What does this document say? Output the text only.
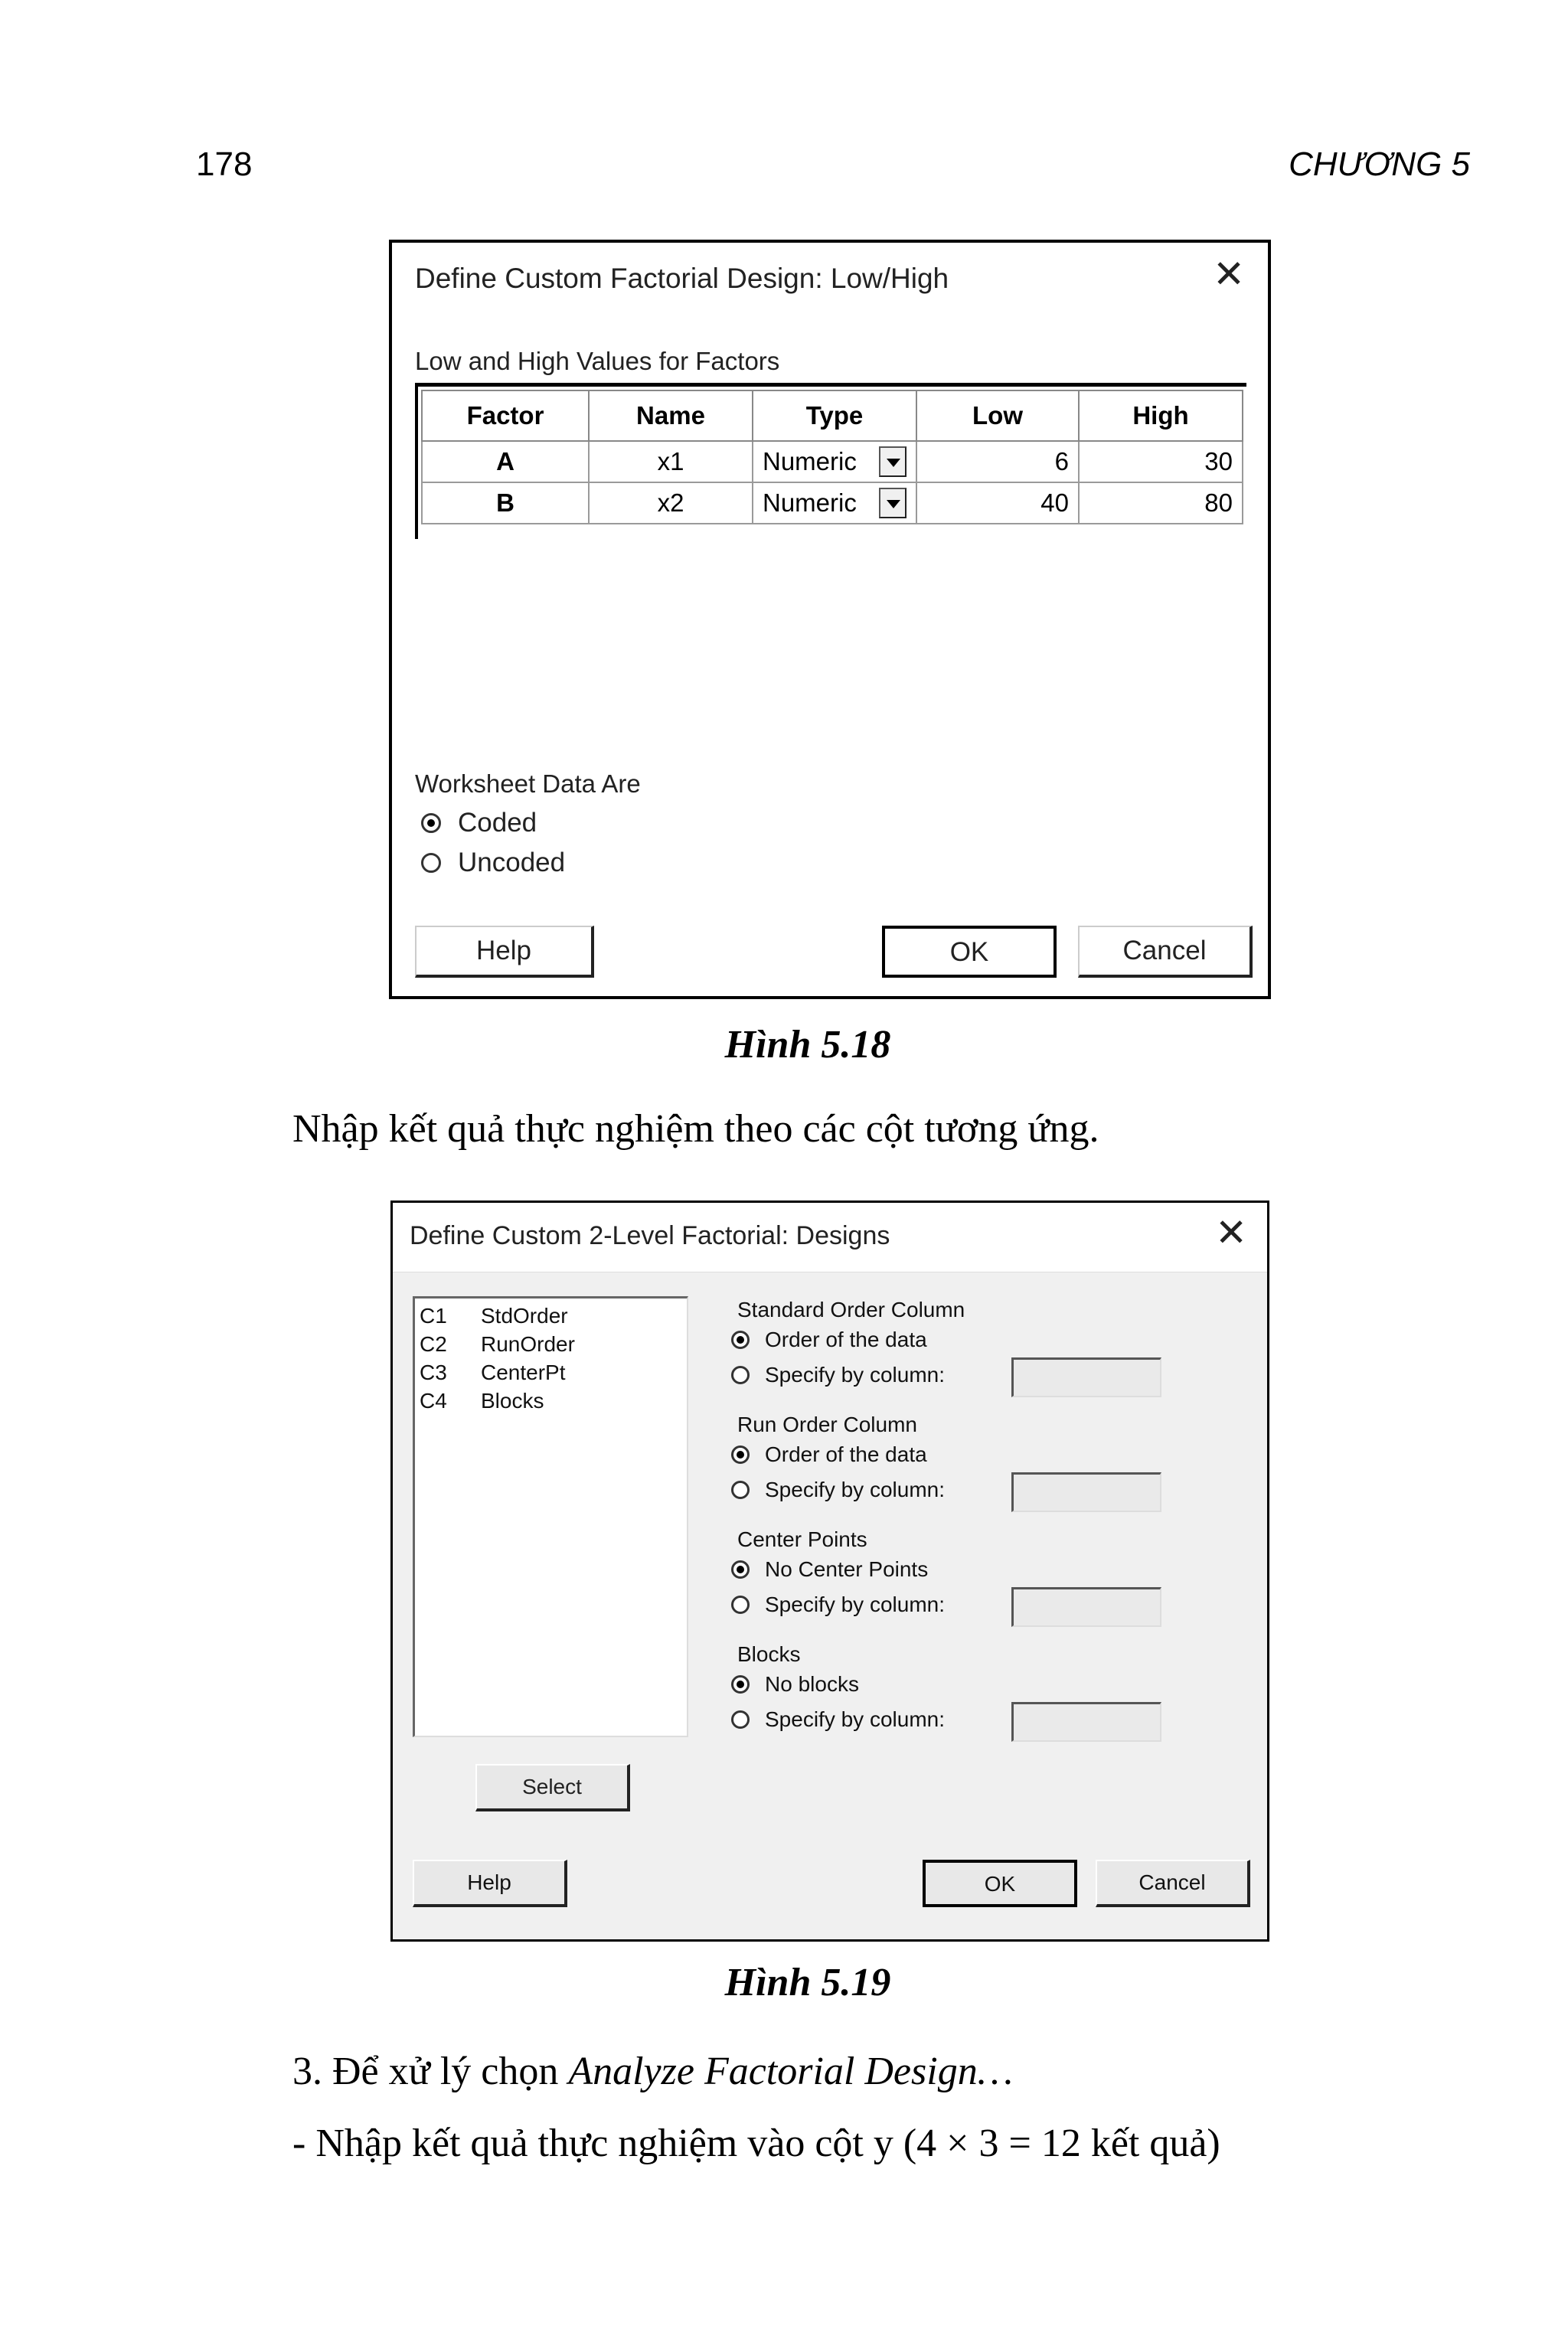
178	CHƯƠNG 5
Define Custom Factorial Design: Low/High	✕
Low and High Values for Factors
Factor	Name	Type	Low	High
A	x1	Numeric	6	30
B	x2	Numeric	40	80
Worksheet Data Are
Coded
Uncoded
Help	OK	Cancel
Hình 5.18
Nhập kết quả thực nghiệm theo các cột tương ứng.
Define Custom 2-Level Factorial: Designs	✕
C1	StdOrder
C2	RunOrder
C3	CenterPt
C4	Blocks
Select
Standard Order Column
Order of the data
Specify by column:
Run Order Column
Order of the data
Specify by column:
Center Points
No Center Points
Specify by column:
Blocks
No blocks
Specify by column:
Help	OK	Cancel
Hình 5.19
3. Để xử lý chọn Analyze Factorial Design…
- Nhập kết quả thực nghiệm vào cột y (4 × 3 = 12 kết quả)
